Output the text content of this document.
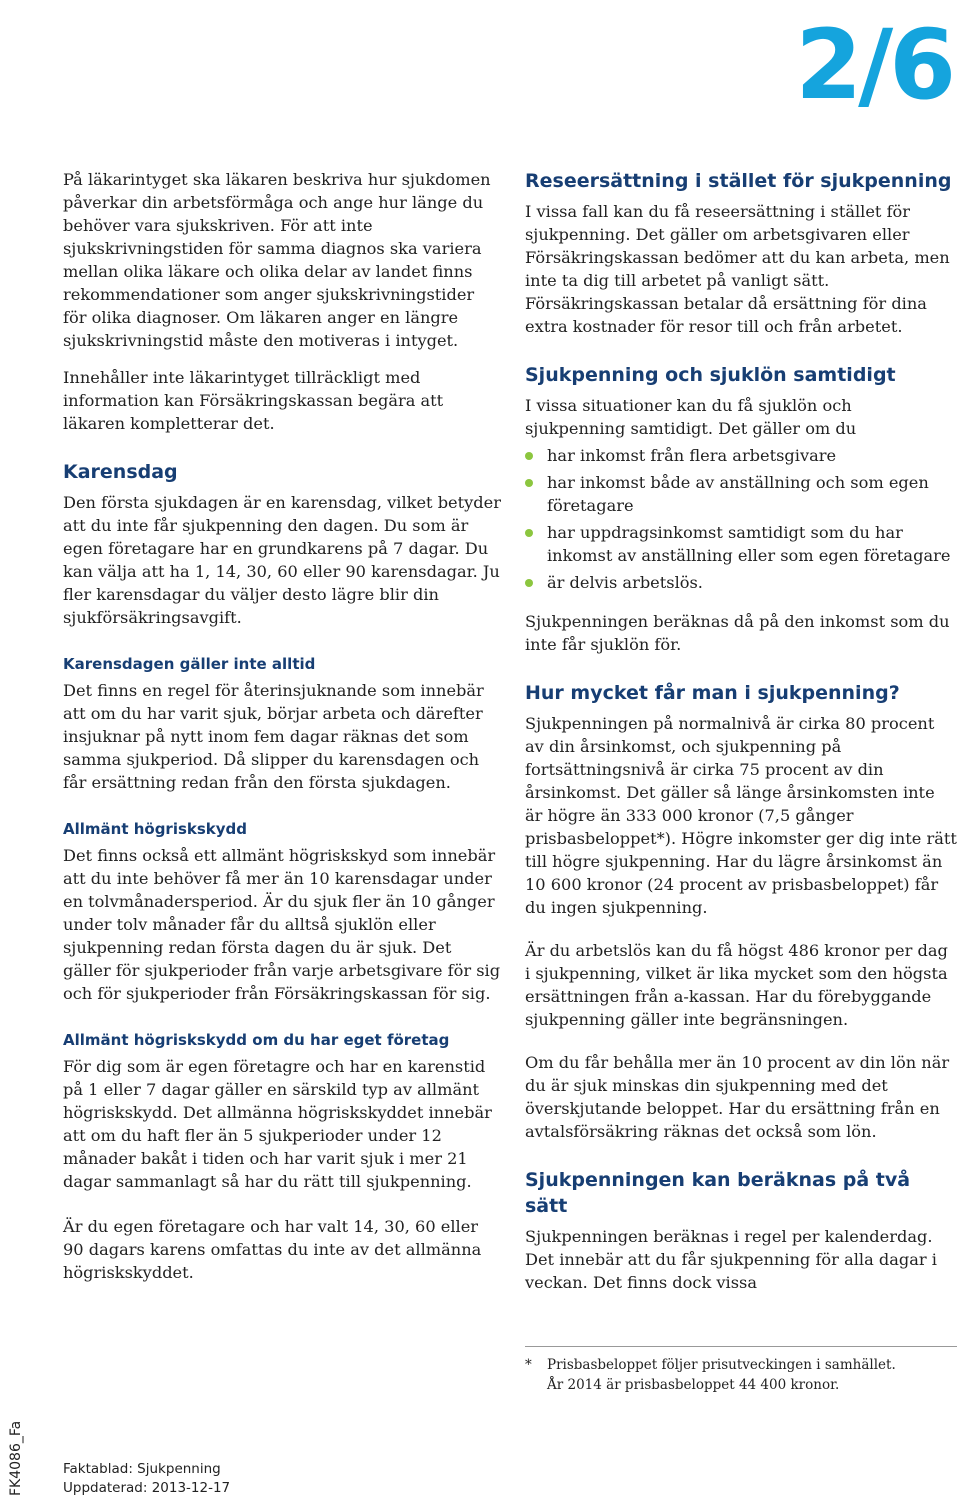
2/6

På läkarintyget ska läkaren beskriva hur sjukdomen påverkar din arbetsförmåga och ange hur länge du behöver vara sjukskriven. För att inte sjukskrivningstiden för samma diagnos ska variera mellan olika läkare och olika delar av landet finns rekommendationer som anger sjukskrivningstider för olika diagnoser. Om läkaren anger en längre sjukskrivningstid måste den motiveras i intyget.

Innehåller inte läkarintyget tillräckligt med information kan Försäkringskassan begära att läkaren kompletterar det.

Karensdag

Den första sjukdagen är en karensdag, vilket betyder att du inte får sjukpenning den dagen. Du som är egen företagare har en grundkarens på 7 dagar. Du kan välja att ha 1, 14, 30, 60 eller 90 karensdagar. Ju fler karensdagar du väljer desto lägre blir din sjukförsäkringsavgift.

Karensdagen gäller inte alltid

Det finns en regel för återinsjuknande som innebär att om du har varit sjuk, börjar arbeta och därefter insjuknar på nytt inom fem dagar räknas det som samma sjukperiod. Då slipper du karensdagen och får ersättning redan från den första sjukdagen.

Allmänt högriskskydd

Det finns också ett allmänt högriskskyd som innebär att du inte behöver få mer än 10 karensdagar under en tolvmånadersperiod. Är du sjuk fler än 10 gånger under tolv månader får du alltså sjuklön eller sjukpenning redan första dagen du är sjuk. Det gäller för sjukperioder från varje arbetsgivare för sig och för sjukperioder från Försäkringskassan för sig.

Allmänt högriskskydd om du har eget företag

För dig som är egen företagre och har en karenstid på 1 eller 7 dagar gäller en särskild typ av allmänt högriskskydd. Det allmänna högriskskyddet innebär att om du haft fler än 5 sjukperioder under 12 månader bakåt i tiden och har varit sjuk i mer 21 dagar sammanlagt så har du rätt till sjukpenning.

Är du egen företagare och har valt 14, 30, 60 eller 90 dagars karens omfattas du inte av det allmänna högriskskyddet.

Reseersättning i stället för sjukpenning

I vissa fall kan du få reseersättning i stället för sjukpenning. Det gäller om arbetsgivaren eller Försäkringskassan bedömer att du kan arbeta, men inte ta dig till arbetet på vanligt sätt. Försäkringskassan betalar då ersättning för dina extra kostnader för resor till och från arbetet.

Sjukpenning och sjuklön samtidigt

I vissa situationer kan du få sjuklön och sjukpenning samtidigt. Det gäller om du

har inkomst från flera arbetsgivare
har inkomst både av anställning och som egen företagare
har uppdragsinkomst samtidigt som du har inkomst av anställning eller som egen företagare
är delvis arbetslös.

Sjukpenningen beräknas då på den inkomst som du inte får sjuklön för.

Hur mycket får man i sjukpenning?

Sjukpenningen på normalnivå är cirka 80 procent av din årsinkomst, och sjukpenning på fortsättningsnivå är cirka 75 procent av din årsinkomst. Det gäller så länge årsinkomsten inte är högre än 333 000 kronor (7,5 gånger prisbasbeloppet*). Högre inkomster ger dig inte rätt till högre sjukpenning. Har du lägre årsinkomst än 10 600 kronor (24 procent av prisbasbeloppet) får du ingen sjukpenning.

Är du arbetslös kan du få högst 486 kronor per dag i sjukpenning, vilket är lika mycket som den högsta ersättningen från a-kassan. Har du förebyggande sjukpenning gäller inte begränsningen.

Om du får behålla mer än 10 procent av din lön när du är sjuk minskas din sjukpenning med det överskjutande beloppet. Har du ersättning från en avtalsförsäkring räknas det också som lön.

Sjukpenningen kan beräknas på två sätt

Sjukpenningen beräknas i regel per kalenderdag. Det innebär att du får sjukpenning för alla dagar i veckan. Det finns dock vissa

*	Prisbasbeloppet följer prisutveckingen i samhället.
År 2014 är prisbasbeloppet 44 400 kronor.
FK4086_Fa	Faktablad: Sjukpenning
Uppdaterad: 2013-12-17
